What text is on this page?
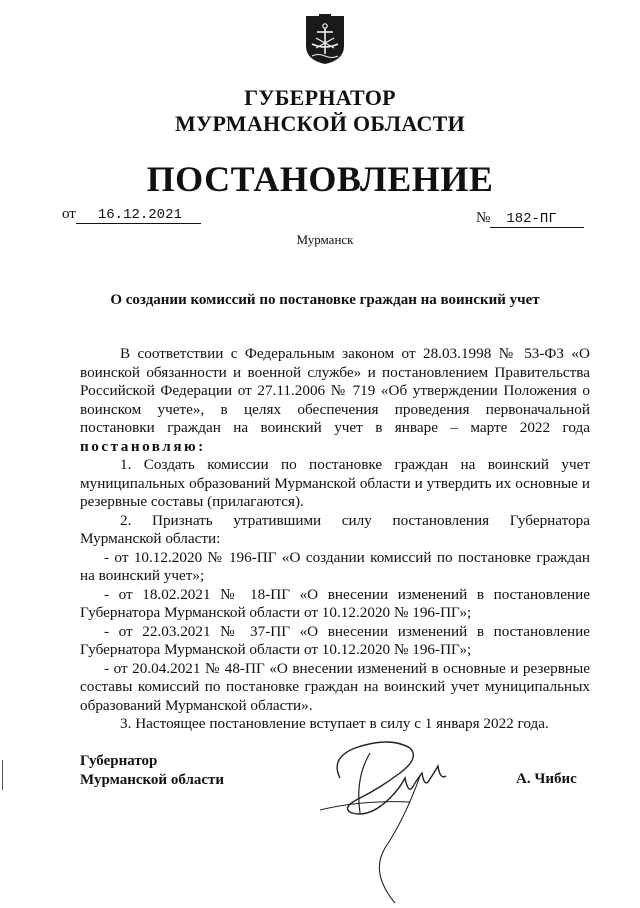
ГУБЕРНАТОР
МУРМАНСКОЙ ОБЛАСТИ
ПОСТАНОВЛЕНИЕ
от 16.12.2021	№ 182-ПГ
Мурманск
О создании комиссий по постановке граждан на воинский учет

В соответствии с Федеральным законом от 28.03.1998 № 53-ФЗ «О воинской обязанности и военной службе» и постановлением Правительства Российской Федерации от 27.11.2006 № 719 «Об утверждении Положения о воинском учете», в целях обеспечения проведения первоначальной постановки граждан на воинский учет в январе – марте 2022 года постановляю:

1. Создать комиссии по постановке граждан на воинский учет муниципальных образований Мурманской области и утвердить их основные и резервные составы (прилагаются).

2. Признать утратившими силу постановления Губернатора Мурманской области:

- от 10.12.2020 № 196-ПГ «О создании комиссий по постановке граждан на воинский учет»;

- от 18.02.2021 № 18-ПГ «О внесении изменений в постановление Губернатора Мурманской области от 10.12.2020 № 196-ПГ»;

- от 22.03.2021 № 37-ПГ «О внесении изменений в постановление Губернатора Мурманской области от 10.12.2020 № 196-ПГ»;

- от 20.04.2021 № 48-ПГ «О внесении изменений в основные и резервные составы комиссий по постановке граждан на воинский учет муниципальных образований Мурманской области».

3. Настоящее постановление вступает в силу с 1 января 2022 года.

Губернатор
Мурманской области	А. Чибис
